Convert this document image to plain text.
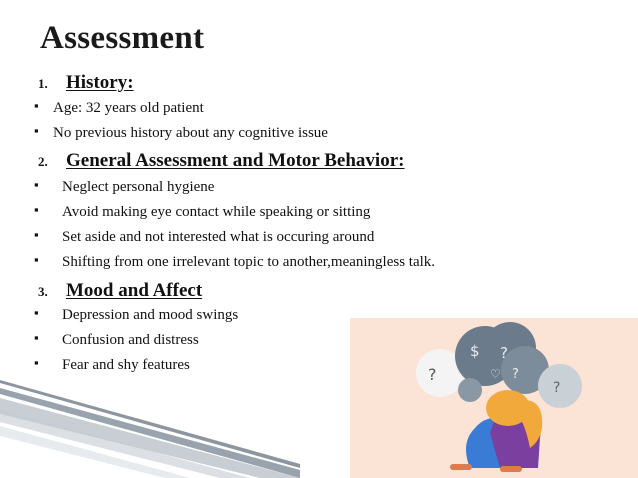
Assessment
1. History:
▪ Age: 32 years old patient
▪ No previous history about any cognitive issue
2. General Assessment and Motor Behavior:
▪ Neglect personal hygiene
▪ Avoid making eye contact while speaking or sitting
▪ Set aside and not interested what is occuring around
▪ Shifting from one irrelevant topic to another,meaningless talk.
3. Mood and Affect
▪ Depression and mood swings
▪ Confusion and distress
▪ Fear and shy features	?
$ ?
?
♡
?
